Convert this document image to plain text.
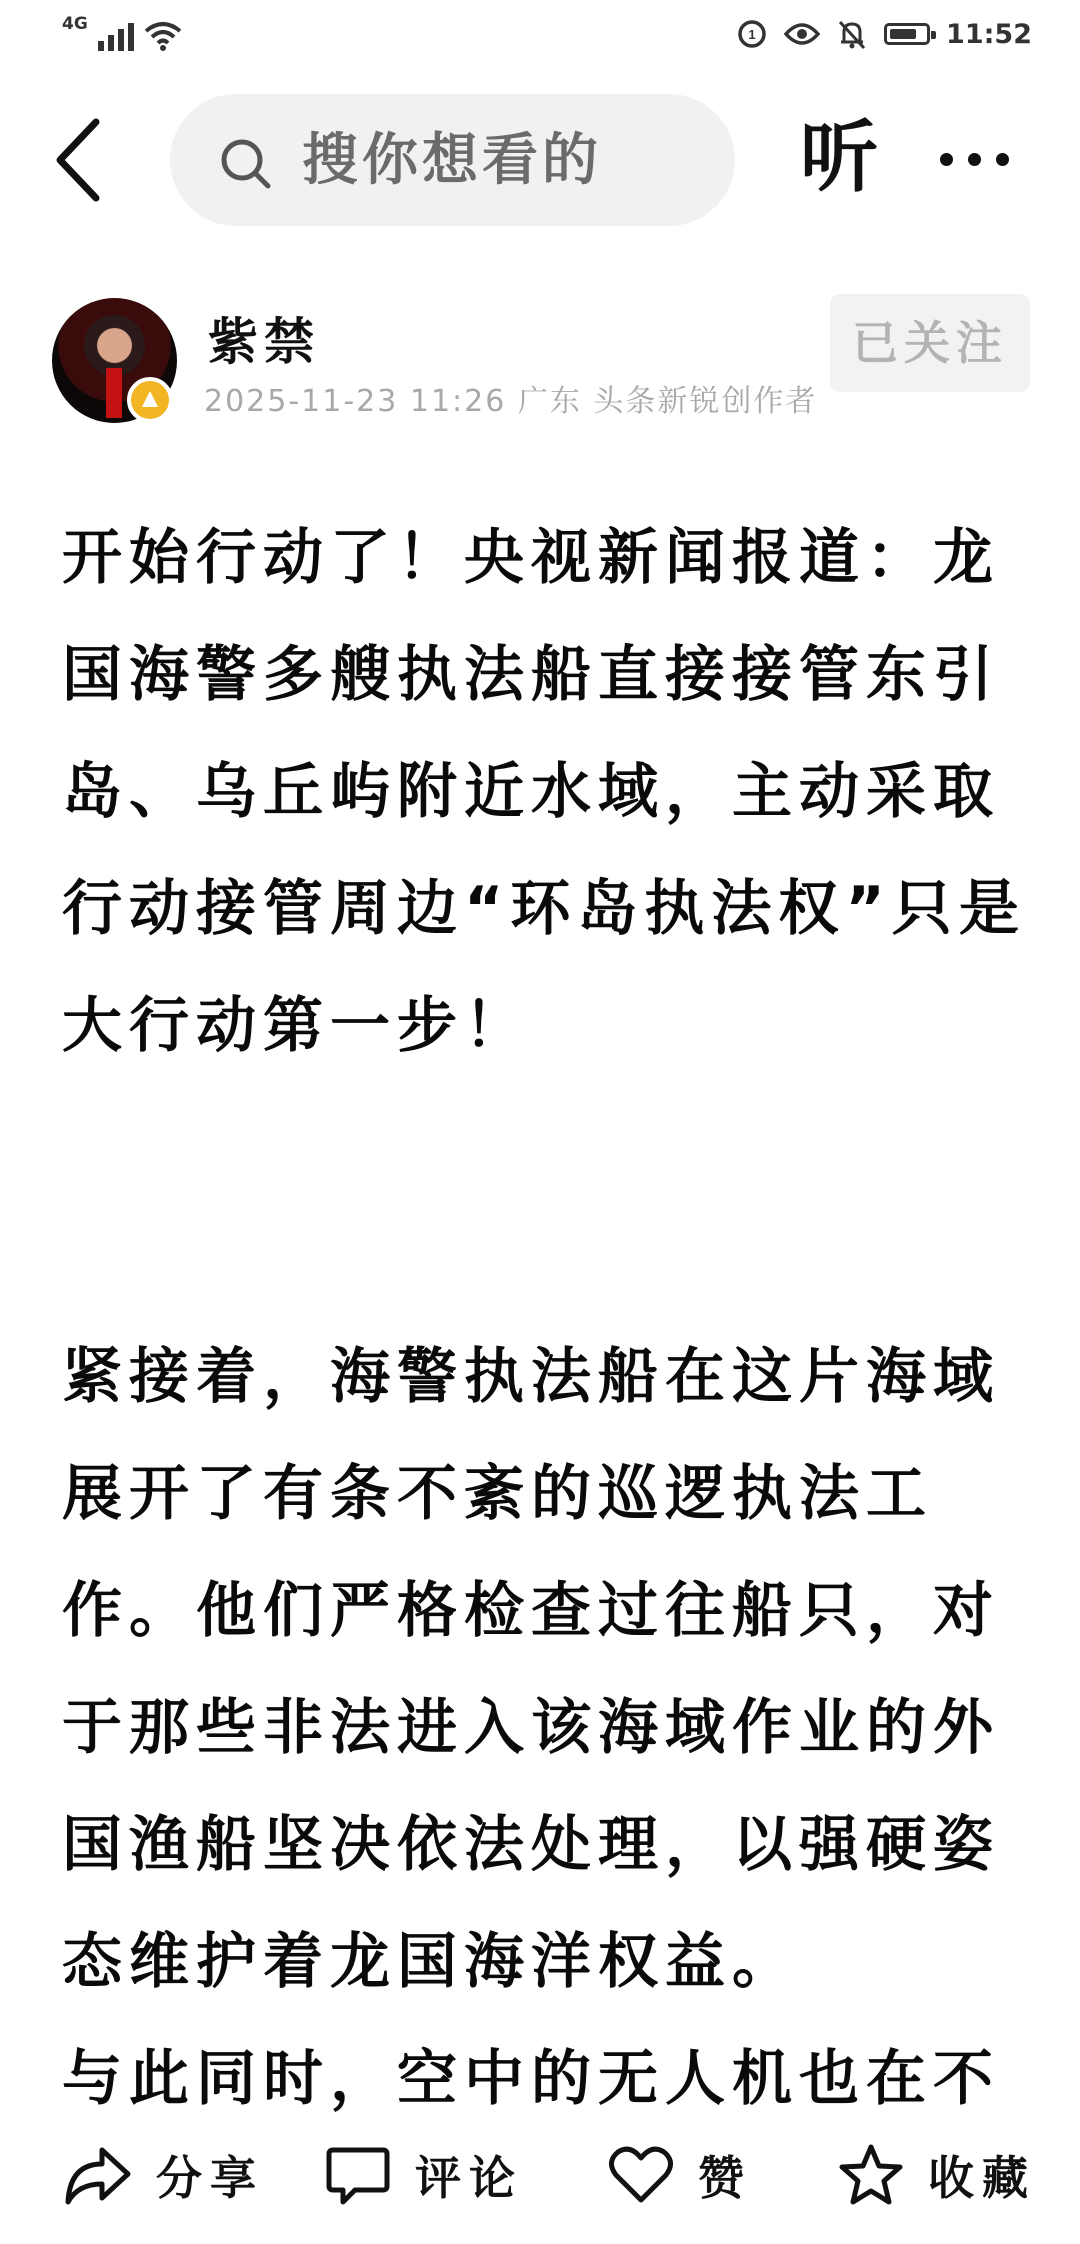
4G
1	11:52
搜你想看的	听
紫禁
2025-11-23 11:26 广东 头条新锐创作者
已关注

开始行动了！央视新闻报道：龙国海警多艘执法船直接接管东引岛、乌丘屿附近水域，主动采取行动接管周边“环岛执法权”只是大行动第一步！

紧接着，海警执法船在这片海域展开了有条不紊的巡逻执法工作。他们严格检查过往船只，对于那些非法进入该海域作业的外国渔船坚决依法处理，以强硬姿态维护着龙国海洋权益。

与此同时，空中的无人机也在不

分享	评论	赞	收藏
